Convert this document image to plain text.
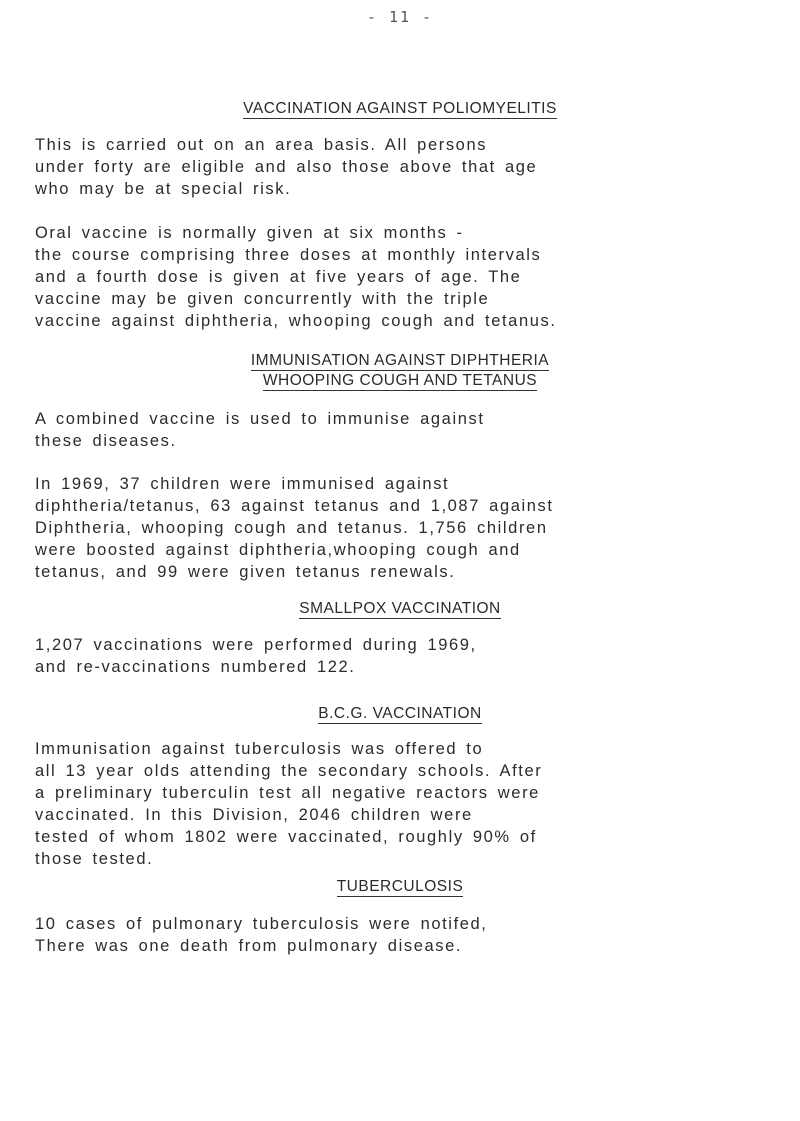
- 11 -
VACCINATION AGAINST POLIOMYELITIS

This is carried out on an area basis. All persons
under forty are eligible and also those above that age
who may be at special risk.

Oral vaccine is normally given at six months -
the course comprising three doses at monthly intervals
and a fourth dose is given at five years of age. The
vaccine may be given concurrently with the triple
vaccine against diphtheria, whooping cough and tetanus.

IMMUNISATION AGAINST DIPHTHERIA
WHOOPING COUGH AND TETANUS

A combined vaccine is used to immunise against
these diseases.

In 1969, 37 children were immunised against
diphtheria/tetanus, 63 against tetanus and 1,087 against
Diphtheria, whooping cough and tetanus. 1,756 children
were boosted against diphtheria,whooping cough and
tetanus, and 99 were given tetanus renewals.

SMALLPOX VACCINATION

1,207 vaccinations were performed during 1969,
and re-vaccinations numbered 122.

B.C.G. VACCINATION

Immunisation against tuberculosis was offered to
all 13 year olds attending the secondary schools. After
a preliminary tuberculin test all negative reactors were
vaccinated. In this Division, 2046 children were
tested of whom 1802 were vaccinated, roughly 90% of
those tested.

TUBERCULOSIS

10 cases of pulmonary tuberculosis were notifed,
There was one death from pulmonary disease.
